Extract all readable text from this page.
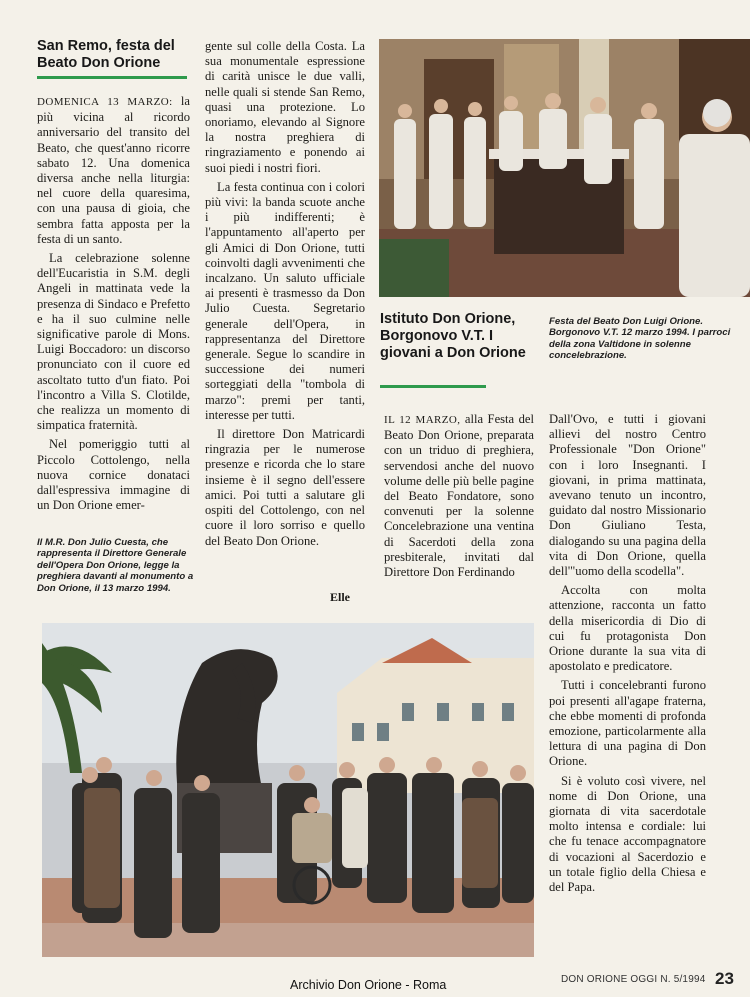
San Remo, festa del Beato Don Orione

DOMENICA 13 MARZO: la più vicina al ricordo anniversario del transito del Beato, che quest'anno ricorre sabato 12. Una domenica diversa anche nella liturgia: nel cuore della quaresima, con una pausa di gioia, che sembra fatta apposta per la festa di un santo.

La celebrazione solenne dell'Eucaristia in S.M. degli Angeli in mattinata vede la presenza di Sindaco e Prefetto e ha il suo culmine nelle significative parole di Mons. Luigi Boccadoro: un discorso pronunciato con il cuore ed ascoltato tutto d'un fiato. Poi l'incontro a Villa S. Clotilde, che realizza un momento di simpatica fraternità.

Nel pomeriggio tutti al Piccolo Cottolengo, nella nuova cornice donataci dall'espressiva immagine di un Don Orione emer-

Il M.R. Don Julio Cuesta, che rappresenta il Direttore Generale dell'Opera Don Orione, legge la preghiera davanti al monumento a Don Orione, il 13 marzo 1994.

gente sul colle della Costa. La sua monumentale espressione di carità unisce le due valli, nelle quali si stende San Remo, quasi una protezione. Lo onoriamo, elevando al Signore la nostra preghiera di ringraziamento e ponendo ai suoi piedi i nostri fiori.

La festa continua con i colori più vivi: la banda scuote anche i più indifferenti; è l'appuntamento all'aperto per gli Amici di Don Orione, tutti coinvolti dagli avvenimenti che incalzano. Un saluto ufficiale ai presenti è trasmesso da Don Julio Cuesta. Segretario generale dell'Opera, in rappresentanza del Direttore generale. Segue lo scandire in successione dei numeri sorteggiati della "tombola di marzo": premi per tanti, interesse per tutti.

Il direttore Don Matricardi ringrazia per le numerose presenze e ricorda che lo stare insieme è il segno dell'essere amici. Poi tutti a salutare gli ospiti del Cottolengo, con nel cuore il loro sorriso e quello del Beato Don Orione.

Elle
Istituto Don Orione, Borgonovo V.T. I giovani a Don Orione
Festa del Beato Don Luigi Orione. Borgonovo V.T. 12 marzo 1994. I parroci della zona Valtidone in solenne concelebrazione.

IL 12 MARZO, alla Festa del Beato Don Orione, preparata con un triduo di preghiera, servendosi anche del nuovo volume delle più belle pagine del Beato Fondatore, sono convenuti per la solenne Concelebrazione una ventina di Sacerdoti della zona presbiterale, invitati dal Direttore Don Ferdinando

Dall'Ovo, e tutti i giovani allievi del nostro Centro Professionale "Don Orione" con i loro Insegnanti. I giovani, in prima mattinata, avevano tenuto un incontro, guidato dal nostro Missionario Don Giuliano Testa, dialogando su una pagina della vita di Don Orione, quella dell'"uomo della scodella".

Accolta con molta attenzione, racconta un fatto della misericordia di Dio di cui fu protagonista Don Orione durante la sua vita di apostolato e predicatore.

Tutti i concelebranti furono poi presenti all'agape fraterna, che ebbe momenti di profonda emozione, particolarmente alla lettura di una pagina di Don Orione.

Si è voluto così vivere, nel nome di Don Orione, una giornata di vita sacerdotale molto intensa e cordiale: lui che fu tenace accompagnatore di vocazioni al Sacerdozio e un totale figlio della Chiesa e del Papa.

Archivio Don Orione - Roma	DON ORIONE OGGI N. 5/1994 23
